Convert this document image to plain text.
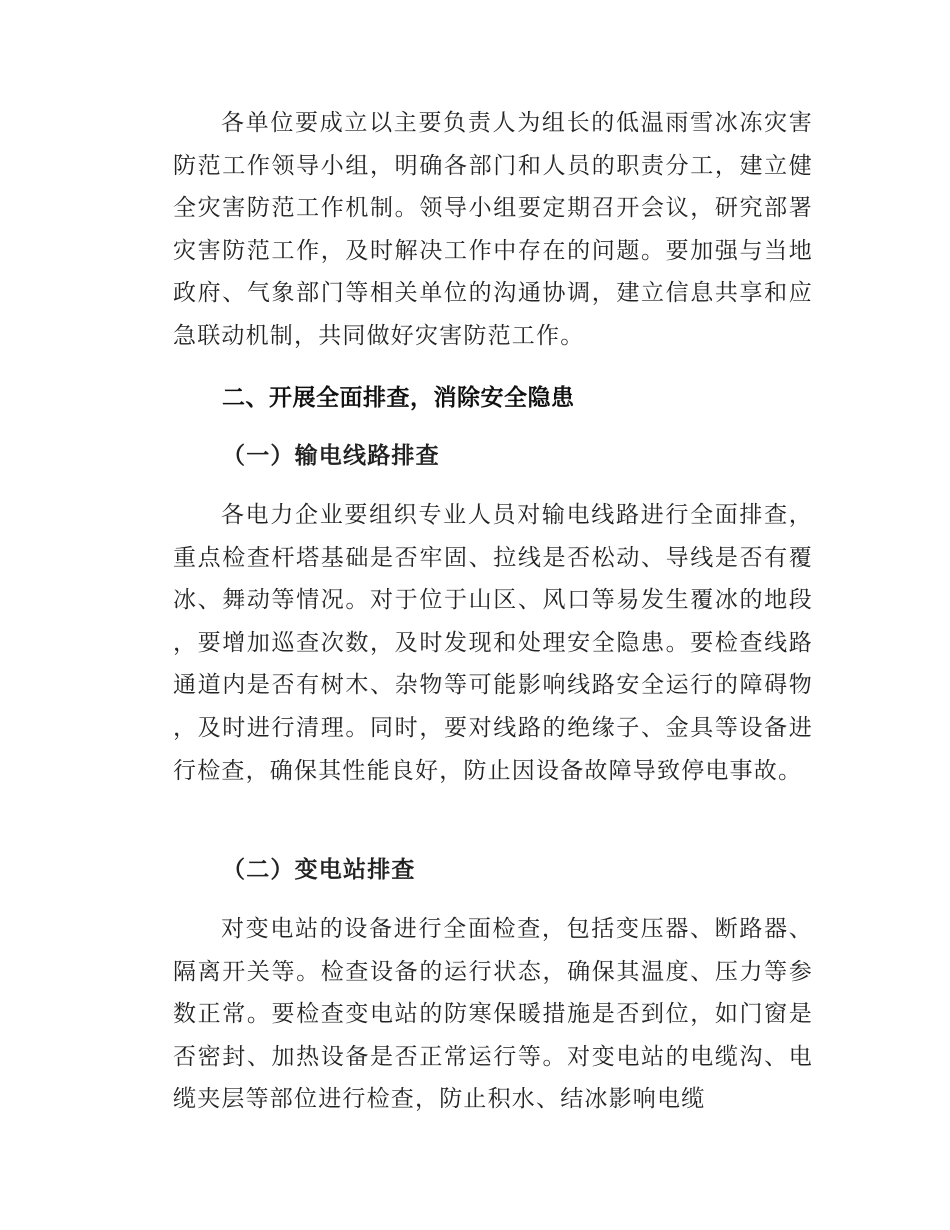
各单位要成立以主要负责人为组长的低温雨雪冰冻灾害防范工作领导小组，明确各部门和人员的职责分工，建立健全灾害防范工作机制。领导小组要定期召开会议，研究部署灾害防范工作，及时解决工作中存在的问题。要加强与当地政府、气象部门等相关单位的沟通协调，建立信息共享和应急联动机制，共同做好灾害防范工作。

二、开展全面排查，消除安全隐患
（一）输电线路排查

各电力企业要组织专业人员对输电线路进行全面排查，重点检查杆塔基础是否牢固、拉线是否松动、导线是否有覆冰、舞动等情况。对于位于山区、风口等易发生覆冰的地段，要增加巡查次数，及时发现和处理安全隐患。要检查线路通道内是否有树木、杂物等可能影响线路安全运行的障碍物，及时进行清理。同时，要对线路的绝缘子、金具等设备进行检查，确保其性能良好，防止因设备故障导致停电事故。

（二）变电站排查

对变电站的设备进行全面检查，包括变压器、断路器、隔离开关等。检查设备的运行状态，确保其温度、压力等参数正常。要检查变电站的防寒保暖措施是否到位，如门窗是否密封、加热设备是否正常运行等。对变电站的电缆沟、电缆夹层等部位进行检查，防止积水、结冰影响电缆
